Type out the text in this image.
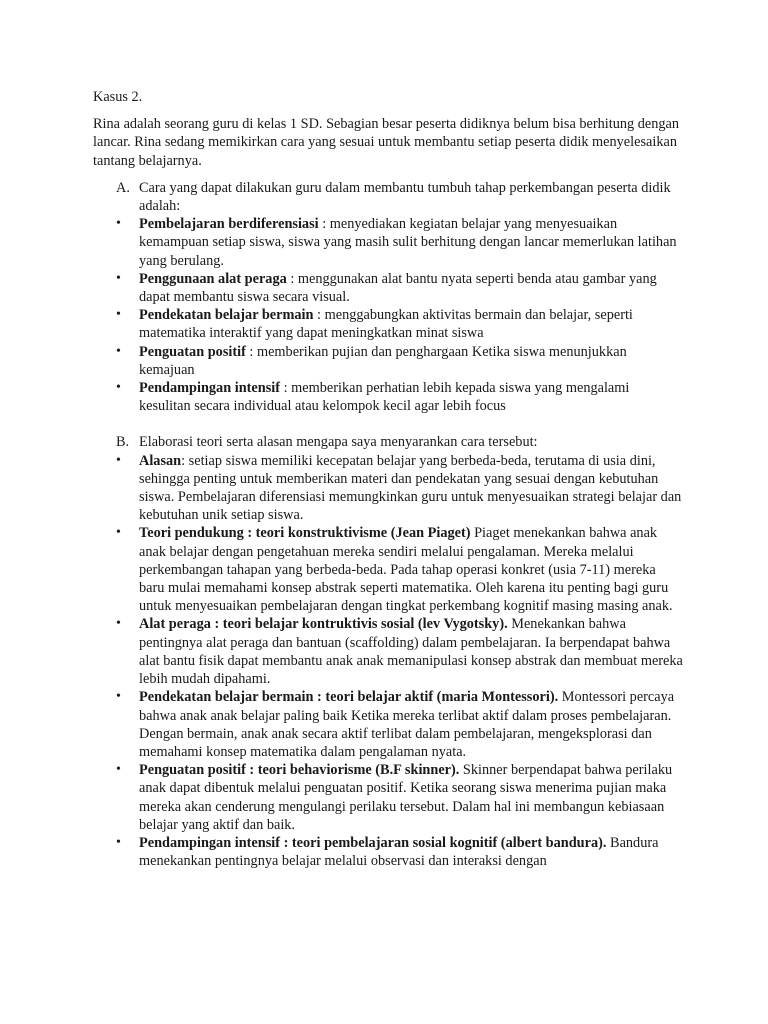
Kasus 2.

Rina adalah seorang guru di kelas 1 SD. Sebagian besar peserta didiknya belum bisa berhitung dengan lancar. Rina sedang memikirkan cara yang sesuai untuk membantu setiap peserta didik menyelesaikan tantang belajarnya.

A. Cara yang dapat dilakukan guru dalam membantu tumbuh tahap perkembangan peserta didik adalah:

• Pembelajaran berdiferensiasi : menyediakan kegiatan belajar yang menyesuaikan kemampuan setiap siswa, siswa yang masih sulit berhitung dengan lancar memerlukan latihan yang berulang.
• Penggunaan alat peraga : menggunakan alat bantu nyata seperti benda atau gambar yang dapat membantu siswa secara visual.
• Pendekatan belajar bermain : menggabungkan aktivitas bermain dan belajar, seperti matematika interaktif yang dapat meningkatkan minat siswa
• Penguatan positif : memberikan pujian dan penghargaan Ketika siswa menunjukkan kemajuan
• Pendampingan intensif : memberikan perhatian lebih kepada siswa yang mengalami kesulitan secara individual atau kelompok kecil agar lebih focus

B. Elaborasi teori serta alasan mengapa saya menyarankan cara tersebut:

• Alasan: setiap siswa memiliki kecepatan belajar yang berbeda-beda, terutama di usia dini, sehingga penting untuk memberikan materi dan pendekatan yang sesuai dengan kebutuhan siswa. Pembelajaran diferensiasi memungkinkan guru untuk menyesuaikan strategi belajar dan kebutuhan unik setiap siswa.
• Teori pendukung : teori konstruktivisme (Jean Piaget) Piaget menekankan bahwa anak anak belajar dengan pengetahuan mereka sendiri melalui pengalaman. Mereka melalui perkembangan tahapan yang berbeda-beda. Pada tahap operasi konkret (usia 7-11) mereka baru mulai memahami konsep abstrak seperti matematika. Oleh karena itu penting bagi guru untuk menyesuaikan pembelajaran dengan tingkat perkembang kognitif masing masing anak.
• Alat peraga : teori belajar kontruktivis sosial (lev Vygotsky). Menekankan bahwa pentingnya alat peraga dan bantuan (scaffolding) dalam pembelajaran. Ia berpendapat bahwa alat bantu fisik dapat membantu anak anak memanipulasi konsep abstrak dan membuat mereka lebih mudah dipahami.
• Pendekatan belajar bermain : teori belajar aktif (maria Montessori). Montessori percaya bahwa anak anak belajar paling baik Ketika mereka terlibat aktif dalam proses pembelajaran. Dengan bermain, anak anak secara aktif terlibat dalam pembelajaran, mengeksplorasi dan memahami konsep matematika dalam pengalaman nyata.
• Penguatan positif : teori behaviorisme (B.F skinner). Skinner berpendapat bahwa perilaku anak dapat dibentuk melalui penguatan positif. Ketika seorang siswa menerima pujian maka mereka akan cenderung mengulangi perilaku tersebut. Dalam hal ini membangun kebiasaan belajar yang aktif dan baik.
• Pendampingan intensif : teori pembelajaran sosial kognitif (albert bandura). Bandura menekankan pentingnya belajar melalui observasi dan interaksi dengan
